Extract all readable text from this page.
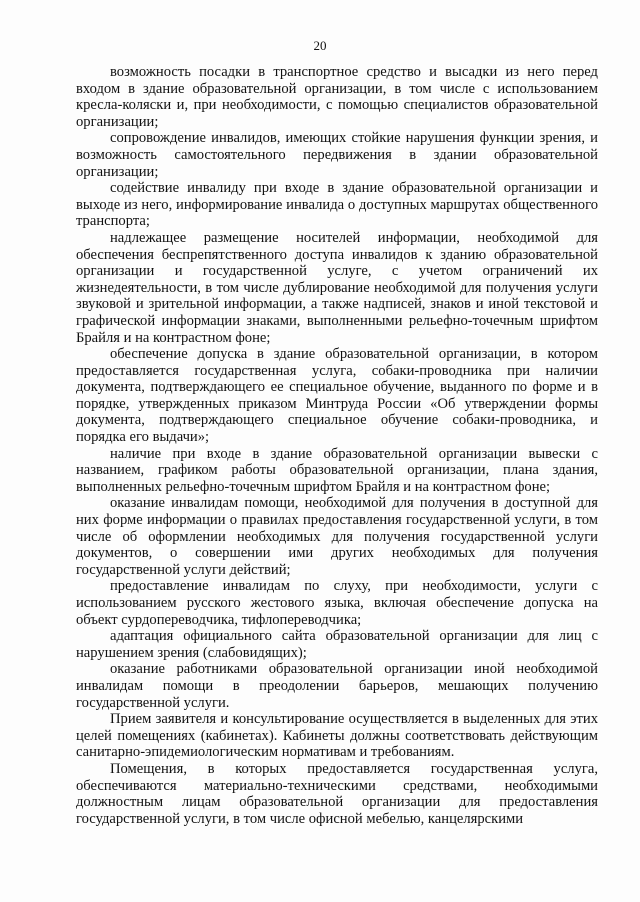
20

возможность посадки в транспортное средство и высадки из него перед входом в здание образовательной организации, в том числе с использованием кресла-коляски и, при необходимости, с помощью специалистов образовательной организации;

сопровождение инвалидов, имеющих стойкие нарушения функции зрения, и возможность самостоятельного передвижения в здании образовательной организации;

содействие инвалиду при входе в здание образовательной организации и выходе из него, информирование инвалида о доступных маршрутах общественного транспорта;

надлежащее размещение носителей информации, необходимой для обеспечения беспрепятственного доступа инвалидов к зданию образовательной организации и государственной услуге, с учетом ограничений их жизнедеятельности, в том числе дублирование необходимой для получения услуги звуковой и зрительной информации, а также надписей, знаков и иной текстовой и графической информации знаками, выполненными рельефно-точечным шрифтом Брайля и на контрастном фоне;

обеспечение допуска в здание образовательной организации, в котором предоставляется государственная услуга, собаки-проводника при наличии документа, подтверждающего ее специальное обучение, выданного по форме и в порядке, утвержденных приказом Минтруда России «Об утверждении формы документа, подтверждающего специальное обучение собаки-проводника, и порядка его выдачи»;

наличие при входе в здание образовательной организации вывески с названием, графиком работы образовательной организации, плана здания, выполненных рельефно-точечным шрифтом Брайля и на контрастном фоне;

оказание инвалидам помощи, необходимой для получения в доступной для них форме информации о правилах предоставления государственной услуги, в том числе об оформлении необходимых для получения государственной услуги документов, о совершении ими других необходимых для получения государственной услуги действий;

предоставление инвалидам по слуху, при необходимости, услуги с использованием русского жестового языка, включая обеспечение допуска на объект сурдопереводчика, тифлопереводчика;

адаптация официального сайта образовательной организации для лиц с нарушением зрения (слабовидящих);

оказание работниками образовательной организации иной необходимой инвалидам помощи в преодолении барьеров, мешающих получению государственной услуги.

Прием заявителя и консультирование осуществляется в выделенных для этих целей помещениях (кабинетах). Кабинеты должны соответствовать действующим санитарно-эпидемиологическим нормативам и требованиям.

Помещения, в которых предоставляется государственная услуга, обеспечиваются материально-техническими средствами, необходимыми должностным лицам образовательной организации для предоставления государственной услуги, в том числе офисной мебелью, канцелярскими
